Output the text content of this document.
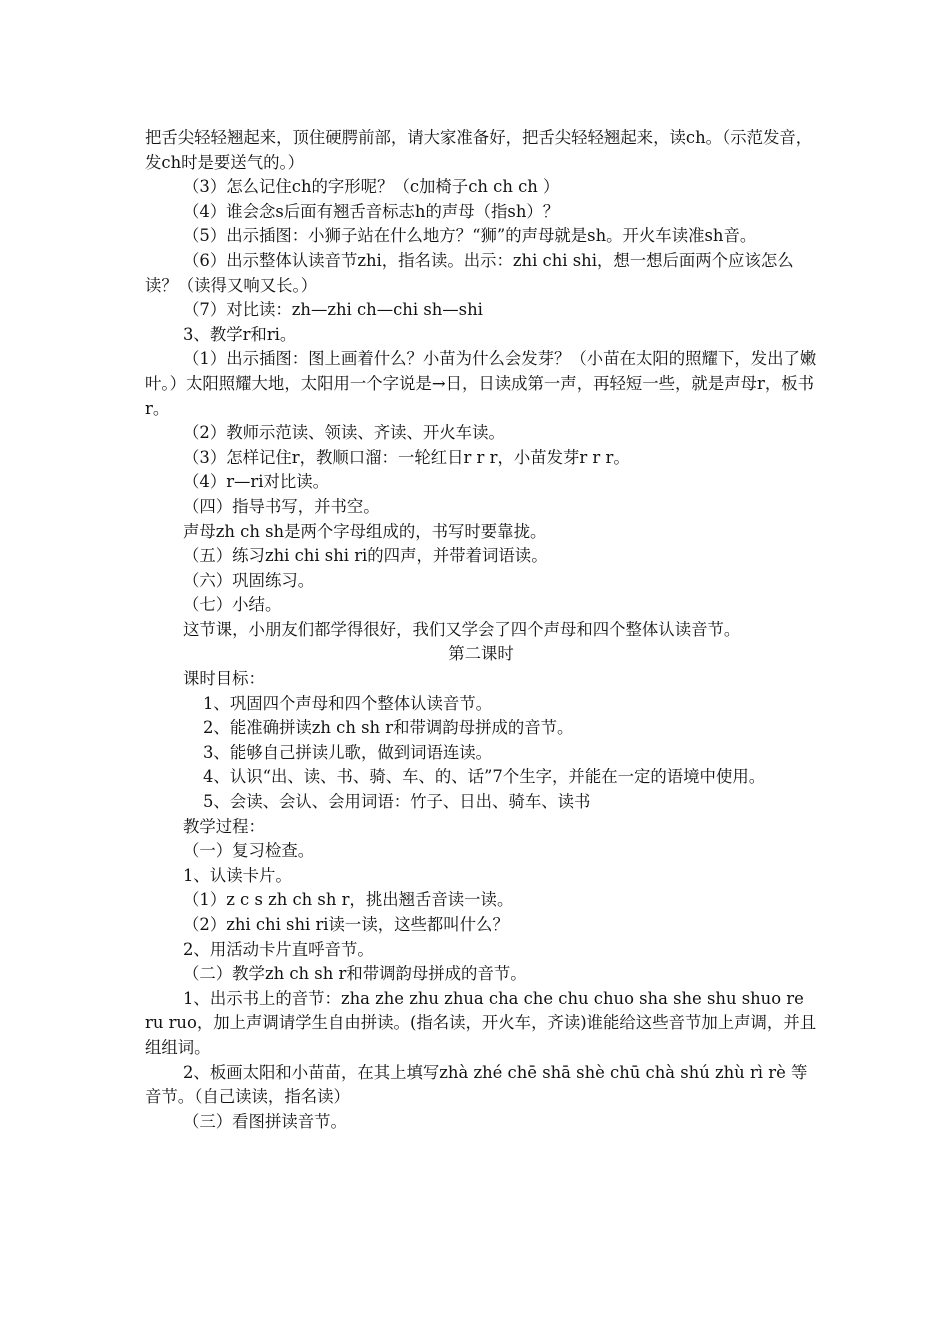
把舌尖轻轻翘起来，顶住硬腭前部，请大家准备好，把舌尖轻轻翘起来，读ch。（示范发音，发ch时是要送气的。）

（3）怎么记住ch的字形呢？（c加椅子ch ch ch ）

（4）谁会念s后面有翘舌音标志h的声母（指sh）？

（5）出示插图：小狮子站在什么地方？“狮”的声母就是sh。开火车读准sh音。

（6）出示整体认读音节zhi，指名读。出示：zhi chi shi，想一想后面两个应该怎么读？（读得又响又长。）

（7）对比读：zh—zhi ch—chi sh—shi

3、教学r和ri。

（1）出示插图：图上画着什么？小苗为什么会发芽？（小苗在太阳的照耀下，发出了嫩叶。）太阳照耀大地，太阳用一个字说是→日，日读成第一声，再轻短一些，就是声母r，板书r。

（2）教师示范读、领读、齐读、开火车读。

（3）怎样记住r，教顺口溜：一轮红日r r r，小苗发芽r r r。

（4）r—ri对比读。

（四）指导书写，并书空。

声母zh ch sh是两个字母组成的，书写时要靠拢。

（五）练习zhi chi shi ri的四声，并带着词语读。

（六）巩固练习。

（七）小结。

这节课，小朋友们都学得很好，我们又学会了四个声母和四个整体认读音节。

第二课时

课时目标：

1、巩固四个声母和四个整体认读音节。

2、能准确拼读zh ch sh r和带调韵母拼成的音节。

3、能够自己拼读儿歌，做到词语连读。

4、认识“出、读、书、骑、车、的、话”7个生字，并能在一定的语境中使用。

5、会读、会认、会用词语：竹子、日出、骑车、读书

教学过程：

（一）复习检查。

1、认读卡片。

（1）z c s zh ch sh r，挑出翘舌音读一读。

（2）zhi chi shi ri读一读，这些都叫什么？

2、用活动卡片直呼音节。

（二）教学zh ch sh r和带调韵母拼成的音节。

1、出示书上的音节：zha zhe zhu zhua cha che chu chuo sha she shu shuo re ru ruo，加上声调请学生自由拼读。(指名读，开火车，齐读)谁能给这些音节加上声调，并且组组词。

2、板画太阳和小苗苗，在其上填写zhà zhé chē shā shè chū chà shú zhù rì rè 等音节。（自己读读，指名读）

（三）看图拼读音节。
